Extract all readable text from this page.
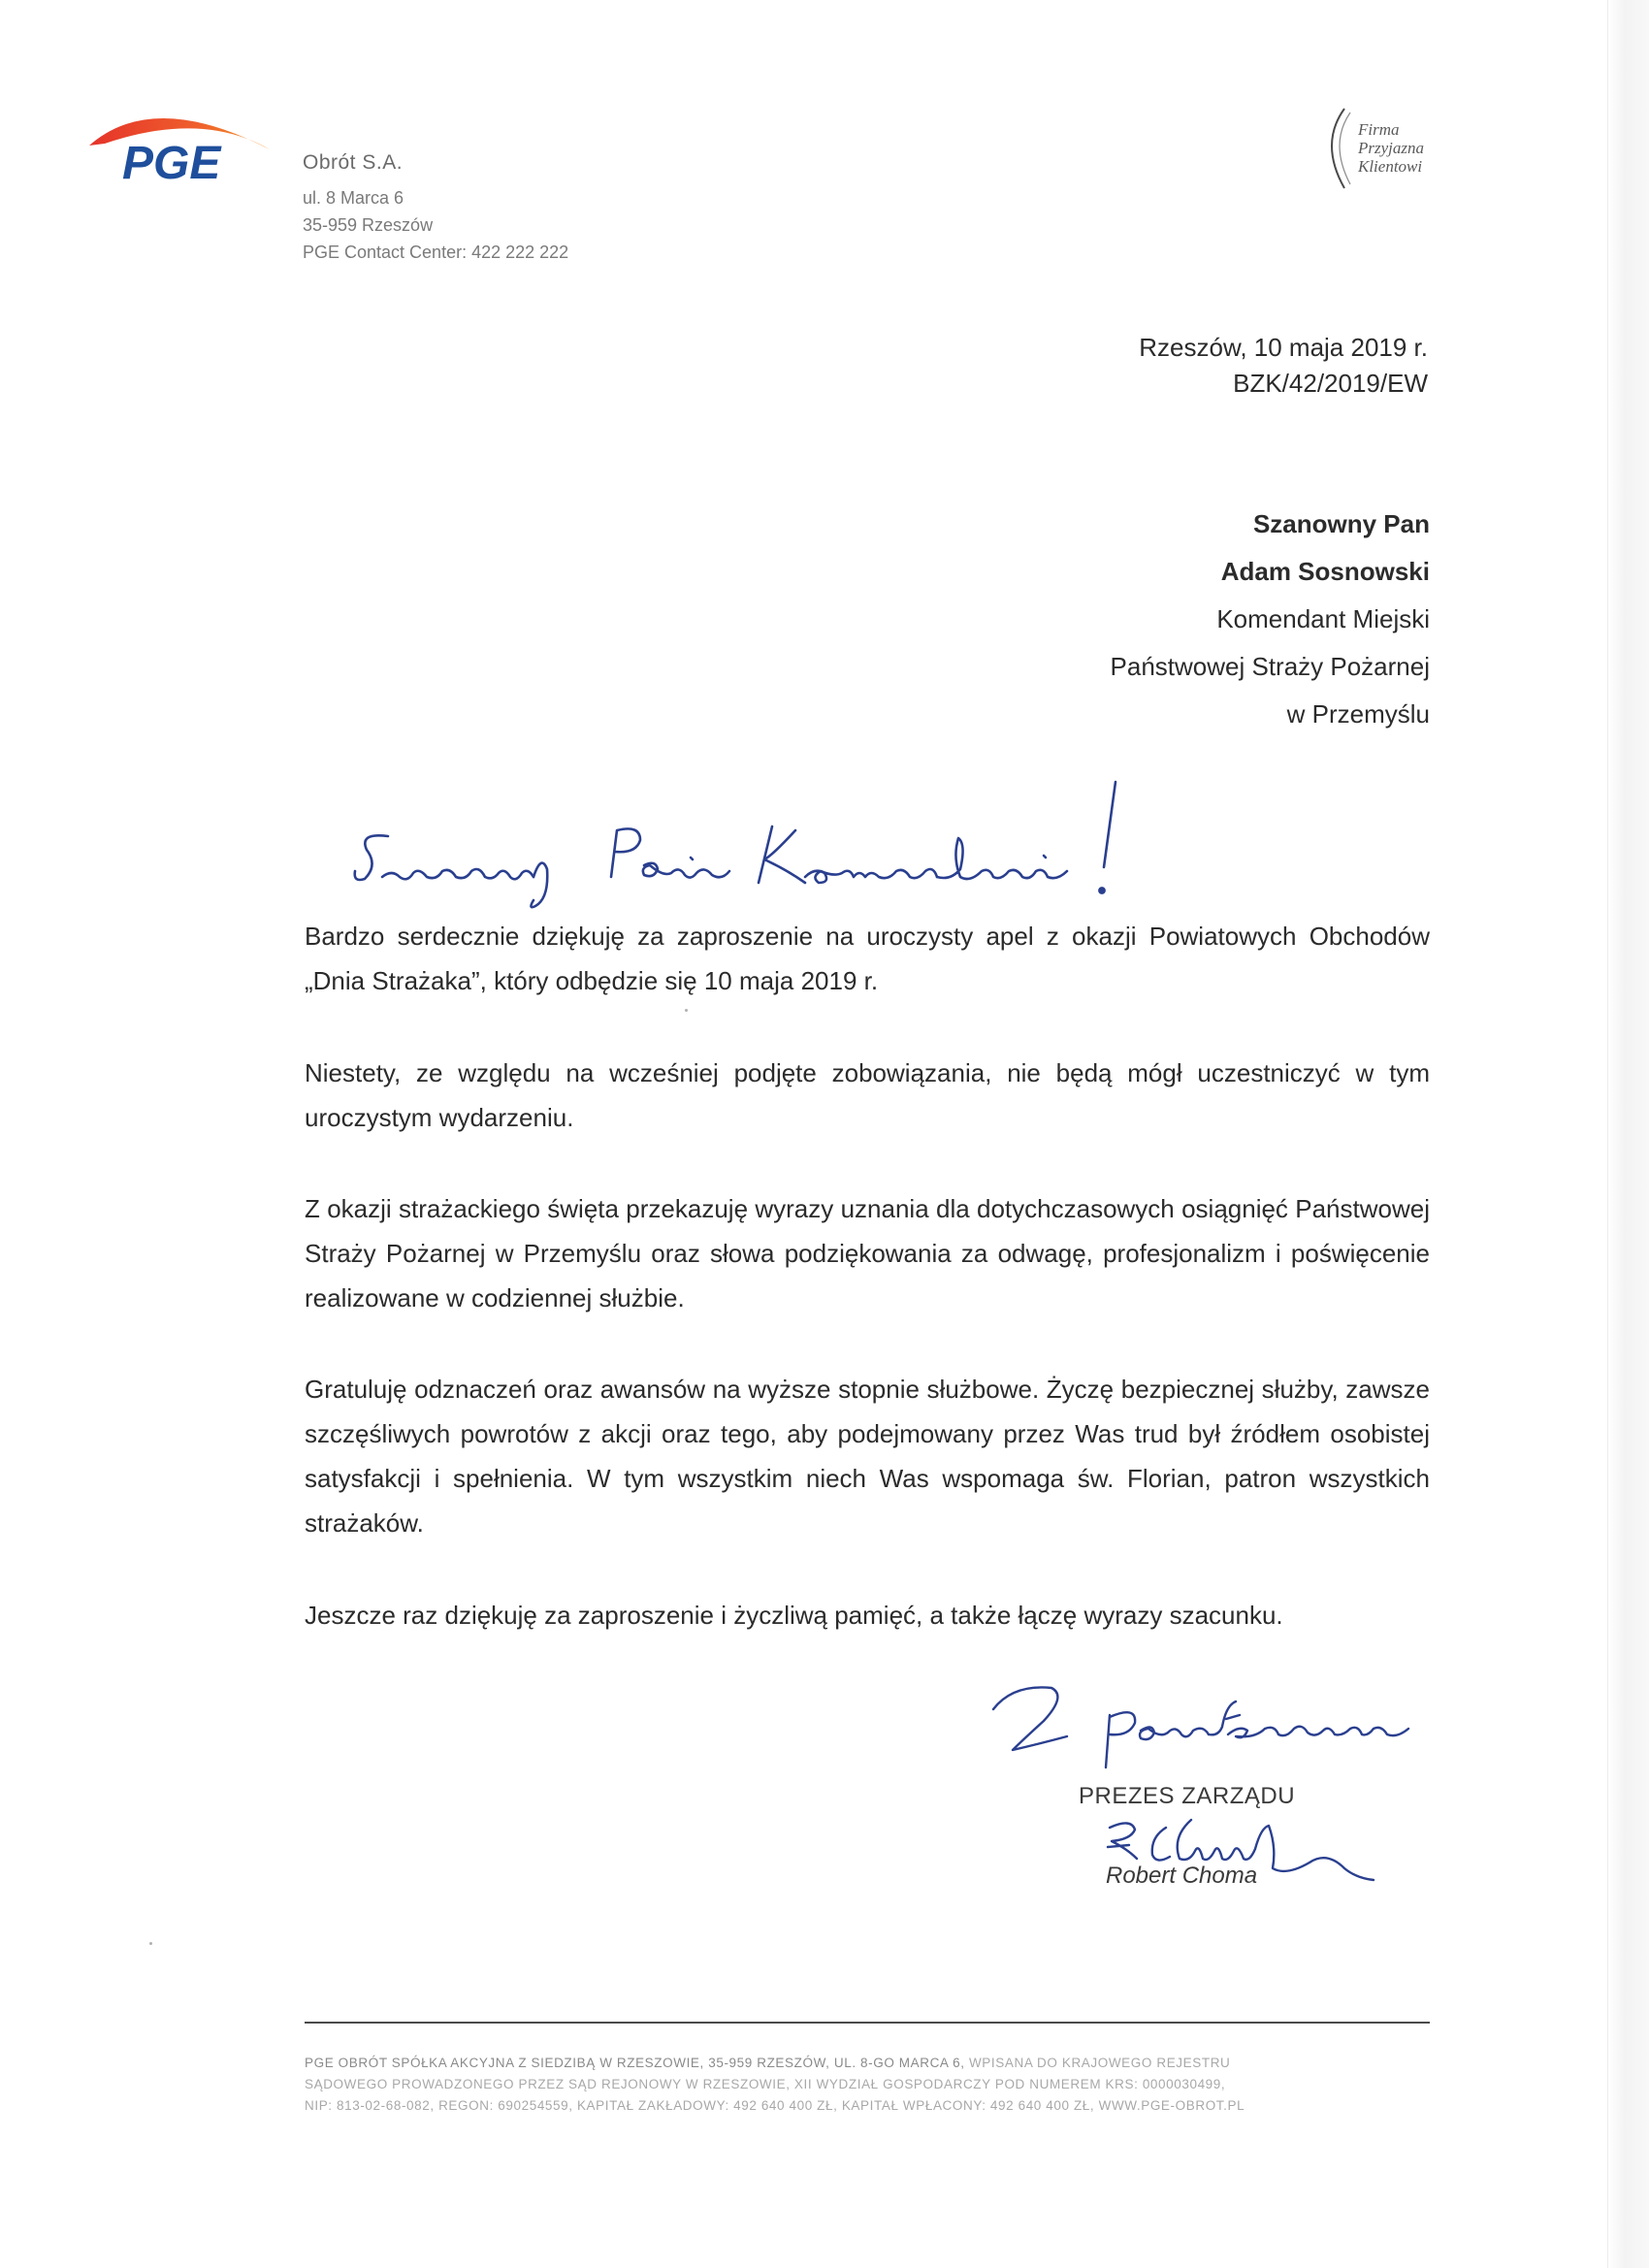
PGE	Obrót S.A.
ul. 8 Marca 6
35-959 Rzeszów
PGE Contact Center: 422 222 222
Firma
Przyjazna
Klientowi
Rzeszów, 10 maja 2019 r.
BZK/42/2019/EW
Szanowny Pan
Adam Sosnowski
Komendant Miejski
Państwowej Straży Pożarnej
w Przemyślu
Bardzo serdecznie dziękuję za zaproszenie na uroczysty apel z okazji Powiatowych Obchodów „Dnia Strażaka”, który odbędzie się 10 maja 2019 r.
Niestety, ze względu na wcześniej podjęte zobowiązania, nie będą mógł uczestniczyć w tym uroczystym wydarzeniu.
Z okazji strażackiego święta przekazuję wyrazy uznania dla dotychczasowych osiągnięć Państwowej Straży Pożarnej w Przemyślu oraz słowa podziękowania za odwagę, profesjonalizm i poświęcenie realizowane w codziennej służbie.
Gratuluję odznaczeń oraz awansów na wyższe stopnie służbowe. Życzę bezpiecznej służby, zawsze szczęśliwych powrotów z akcji oraz tego, aby podejmowany przez Was trud był źródłem osobistej satysfakcji i spełnienia. W tym wszystkim niech Was wspomaga św. Florian, patron wszystkich strażaków.
Jeszcze raz dziękuję za zaproszenie i życzliwą pamięć, a także łączę wyrazy szacunku.
PREZES ZARZĄDU
Robert Choma
PGE OBRÓT SPÓŁKA AKCYJNA Z SIEDZIBĄ W RZESZOWIE, 35-959 RZESZÓW, UL. 8-GO MARCA 6, WPISANA DO KRAJOWEGO REJESTRU
SĄDOWEGO PROWADZONEGO PRZEZ SĄD REJONOWY W RZESZOWIE, XII WYDZIAŁ GOSPODARCZY POD NUMEREM KRS: 0000030499,
NIP: 813-02-68-082, REGON: 690254559, KAPITAŁ ZAKŁADOWY: 492 640 400 ZŁ, KAPITAŁ WPŁACONY: 492 640 400 ZŁ, WWW.PGE-OBROT.PL
